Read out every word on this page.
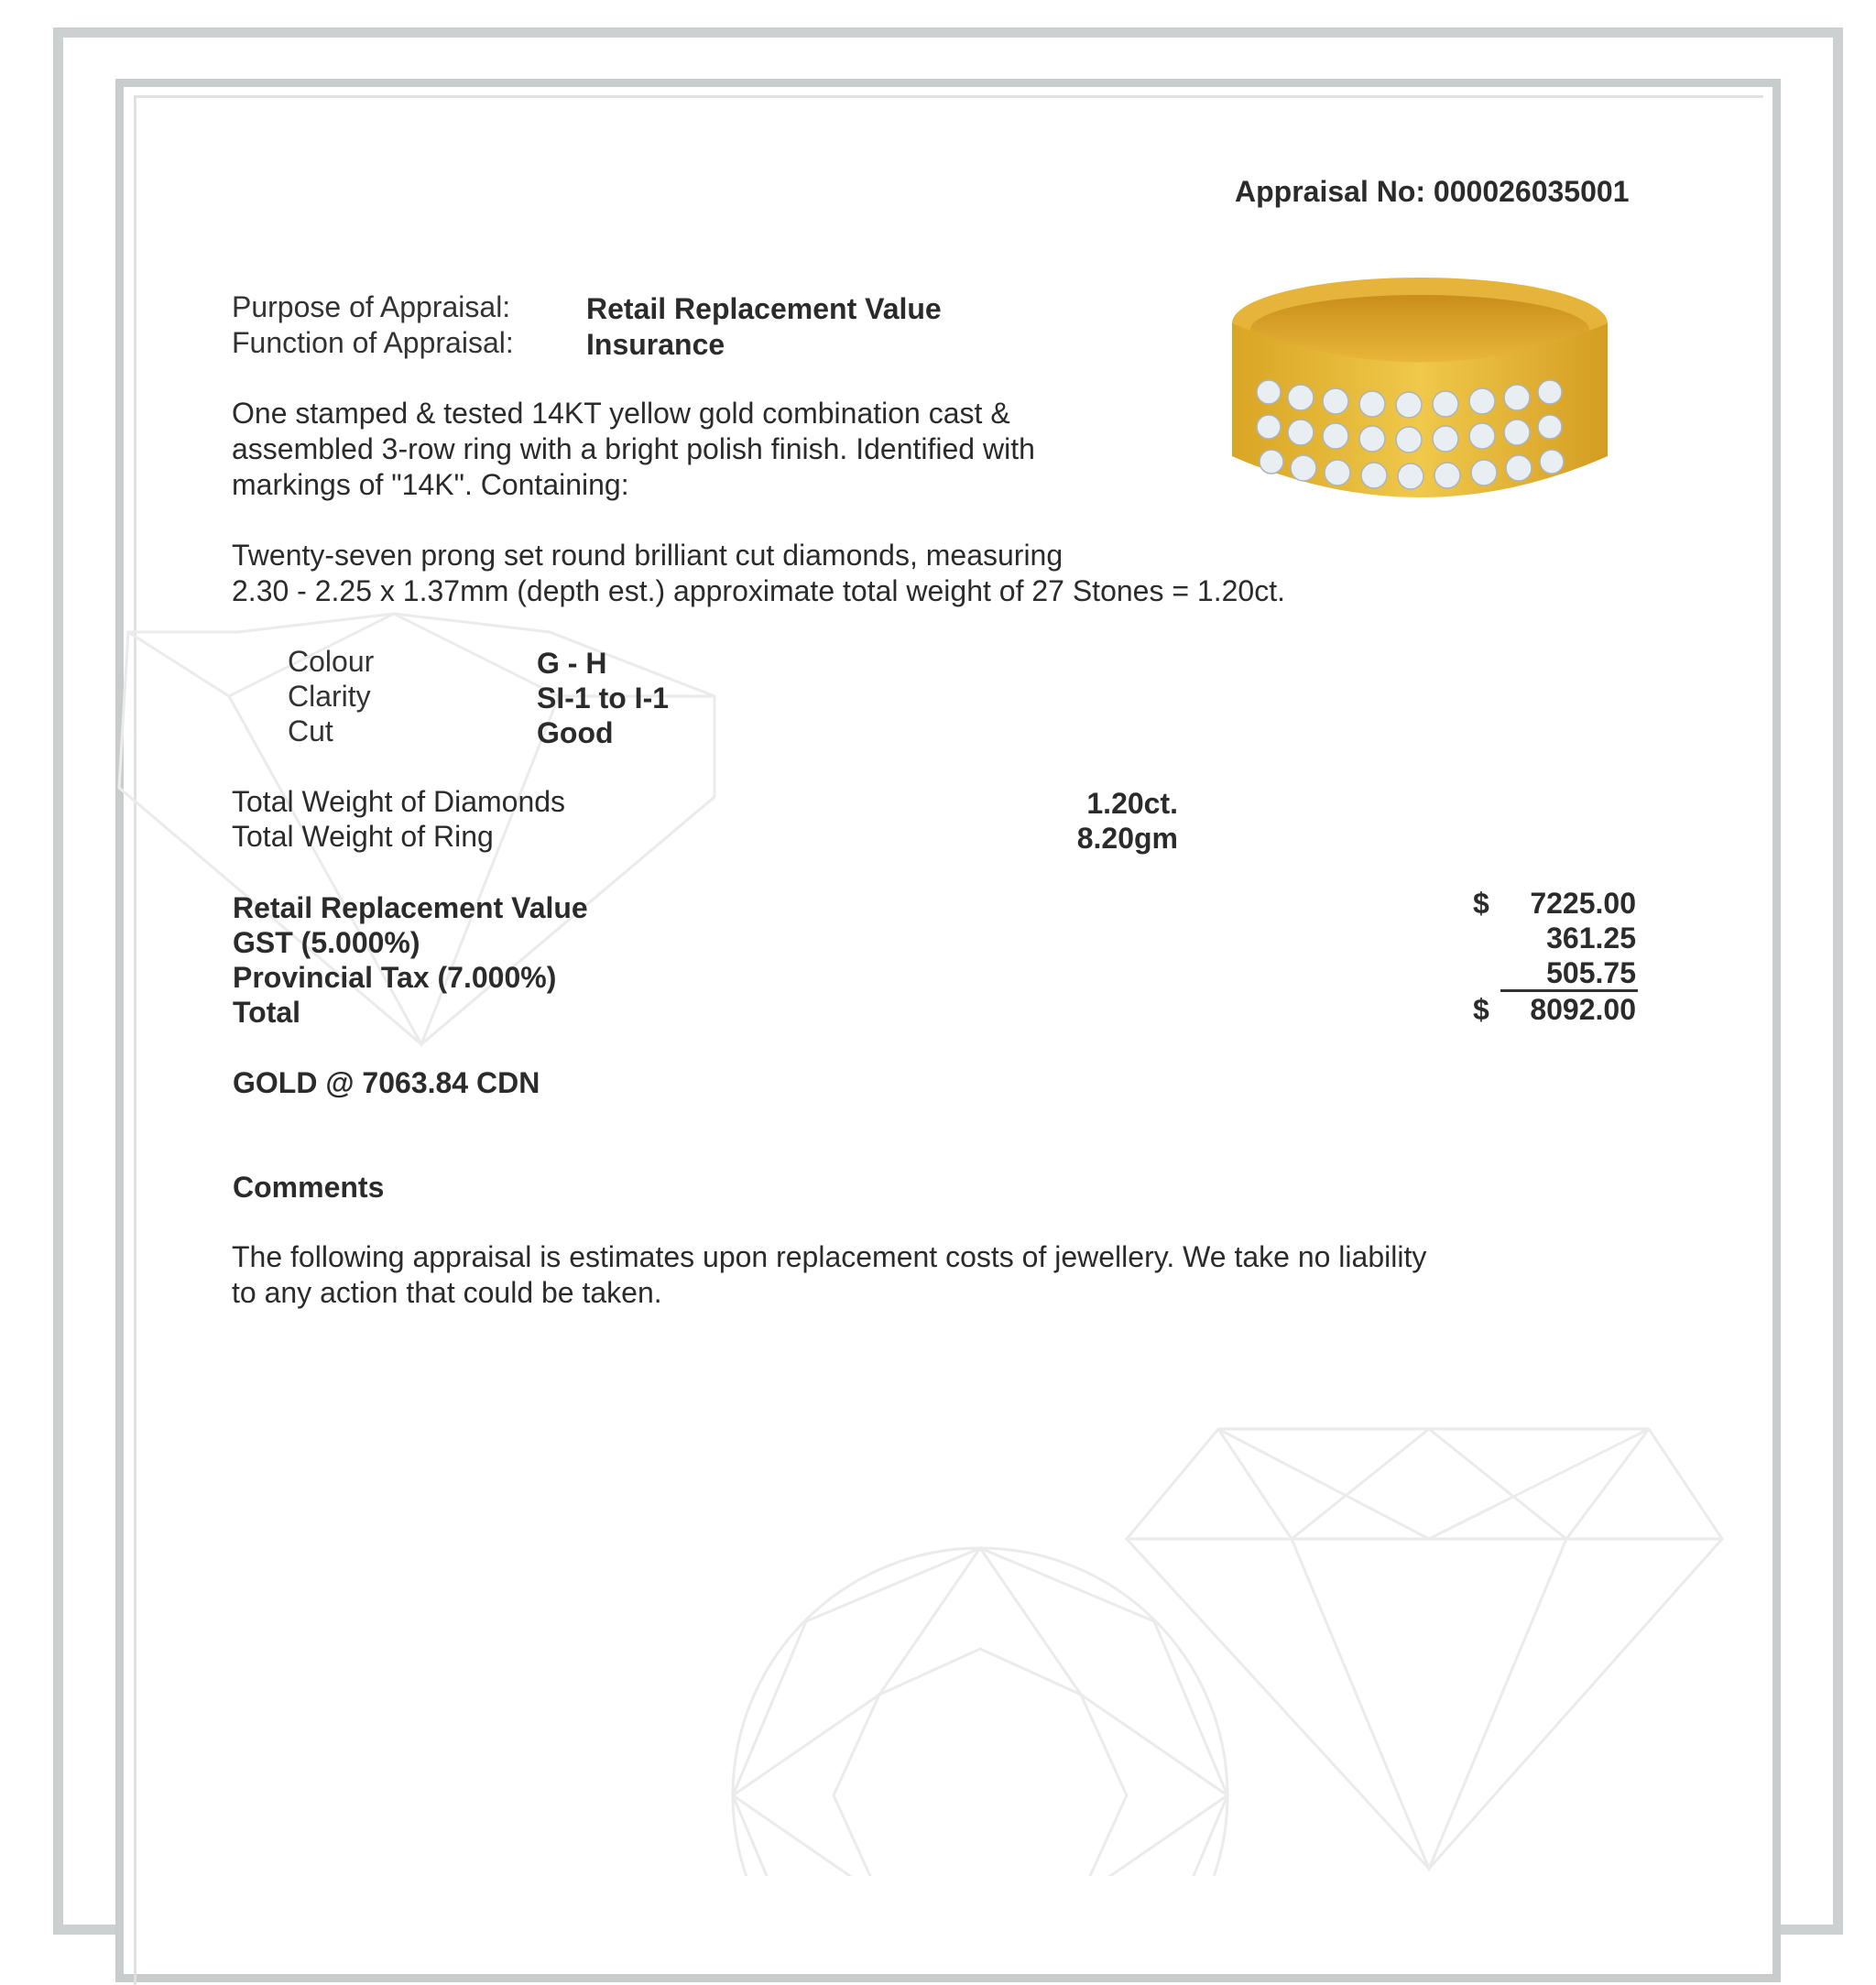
Appraisal No: 000026035001
Purpose of Appraisal:	Retail Replacement Value
Function of Appraisal: Insurance
One stamped & tested 14KT yellow gold combination cast &
assembled 3-row ring with a bright polish finish. Identified with
markings of "14K". Containing:
Twenty-seven prong set round brilliant cut diamonds, measuring
2.30 - 2.25 x 1.37mm (depth est.) approximate total weight of 27 Stones = 1.20ct.
Colour	G - H
Clarity	SI-1 to I-1
Cut	Good
Total Weight of Diamonds	1.20ct.
Total Weight of Ring	8.20gm
Retail Replacement Value	$	7225.00
GST (5.000%)	361.25
Provincial Tax (7.000%)	505.75
Total	$	8092.00
GOLD @ 7063.84 CDN
Comments
The following appraisal is estimates upon replacement costs of jewellery. We take no liability
to any action that could be taken.
